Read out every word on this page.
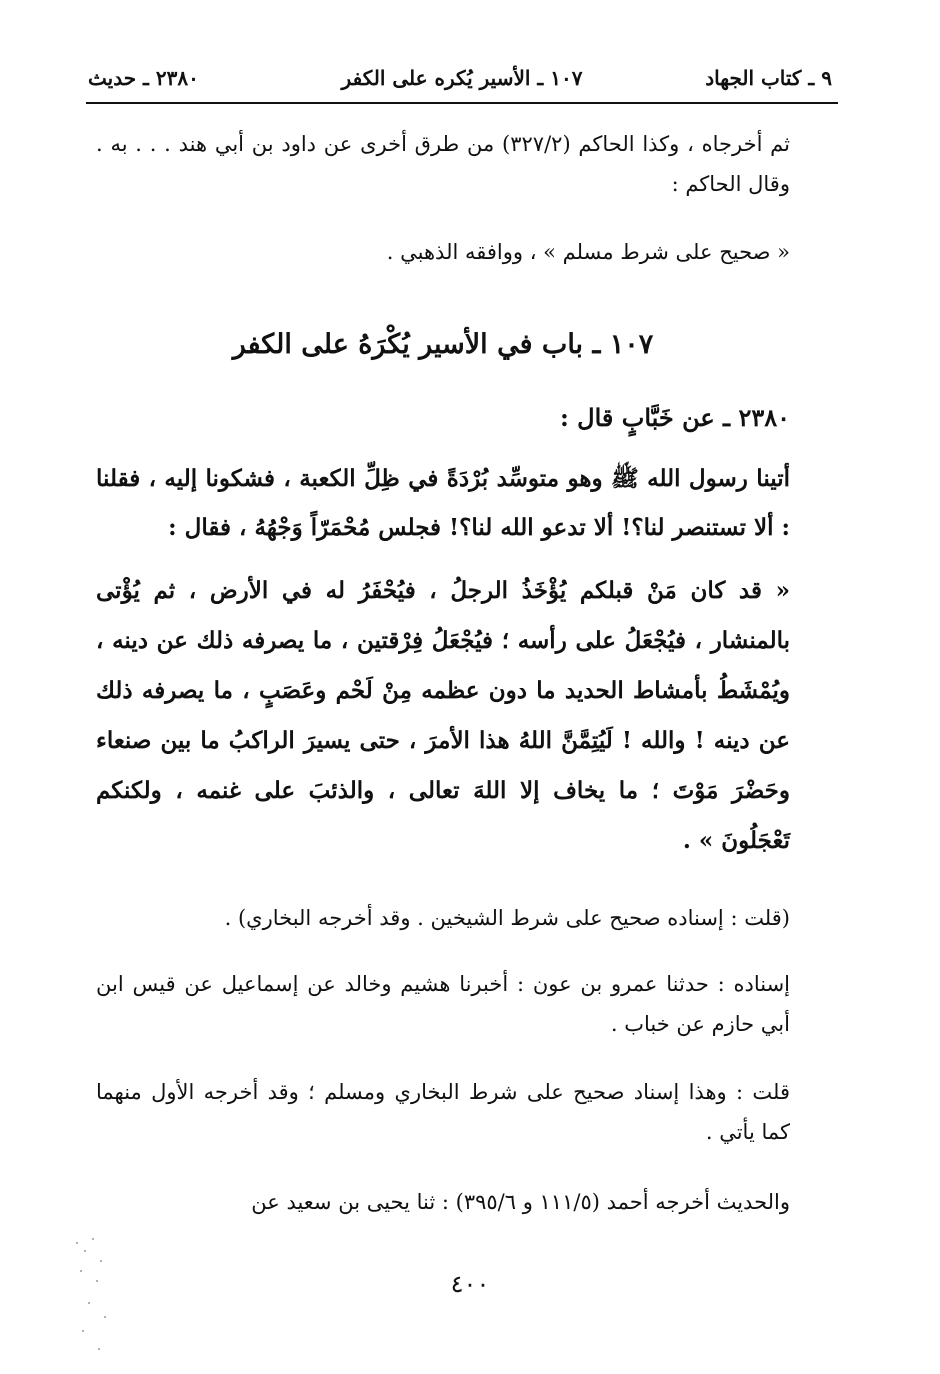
٩ ـ كتاب الجهاد
١٠٧ ـ الأسير يُكره على الكفر
٢٣٨٠ ـ حديث
ثم أخرجاه ، وكذا الحاكم (٣٢٧/٢) من طرق أخرى عن داود بن أبي هند . . . به . وقال الحاكم :
« صحيح على شرط مسلم » ، ووافقه الذهبي .
١٠٧ ـ باب في الأسير يُكْرَهُ على الكفر
٢٣٨٠ ـ عن خَبَّابٍ قال :
أتينا رسول الله ﷺ وهو متوسِّد بُرْدَةً في ظِلِّ الكعبة ، فشكونا إليه ، فقلنا : ألا تستنصر لنا؟! ألا تدعو الله لنا؟! فجلس مُحْمَرّاً وَجْهُهُ ، فقال :
« قد كان مَنْ قبلكم يُؤْخَذُ الرجلُ ، فيُحْفَرُ له في الأرض ، ثم يُؤْتى بالمنشار ، فيُجْعَلُ على رأسه ؛ فيُجْعَلُ فِرْقتين ، ما يصرفه ذلك عن دينه ، ويُمْشَطُ بأمشاط الحديد ما دون عظمه مِنْ لَحْم وعَصَبٍ ، ما يصرفه ذلك عن دينه ! والله ! لَيُتِمَّنَّ اللهُ هذا الأمرَ ، حتى يسيرَ الراكبُ ما بين صنعاء وحَضْرَ مَوْتَ ؛ ما يخاف إلا اللهَ تعالى ، والذئبَ على غنمه ، ولكنكم تَعْجَلُونَ » .
(قلت : إسناده صحيح على شرط الشيخين . وقد أخرجه البخاري) .
إسناده : حدثنا عمرو بن عون : أخبرنا هشيم وخالد عن إسماعيل عن قيس ابن أبي حازم عن خباب .
قلت : وهذا إسناد صحيح على شرط البخاري ومسلم ؛ وقد أخرجه الأول منهما كما يأتي .
والحديث أخرجه أحمد (١١١/٥ و ٣٩٥/٦) : ثنا يحيى بن سعيد عن
٤٠٠
